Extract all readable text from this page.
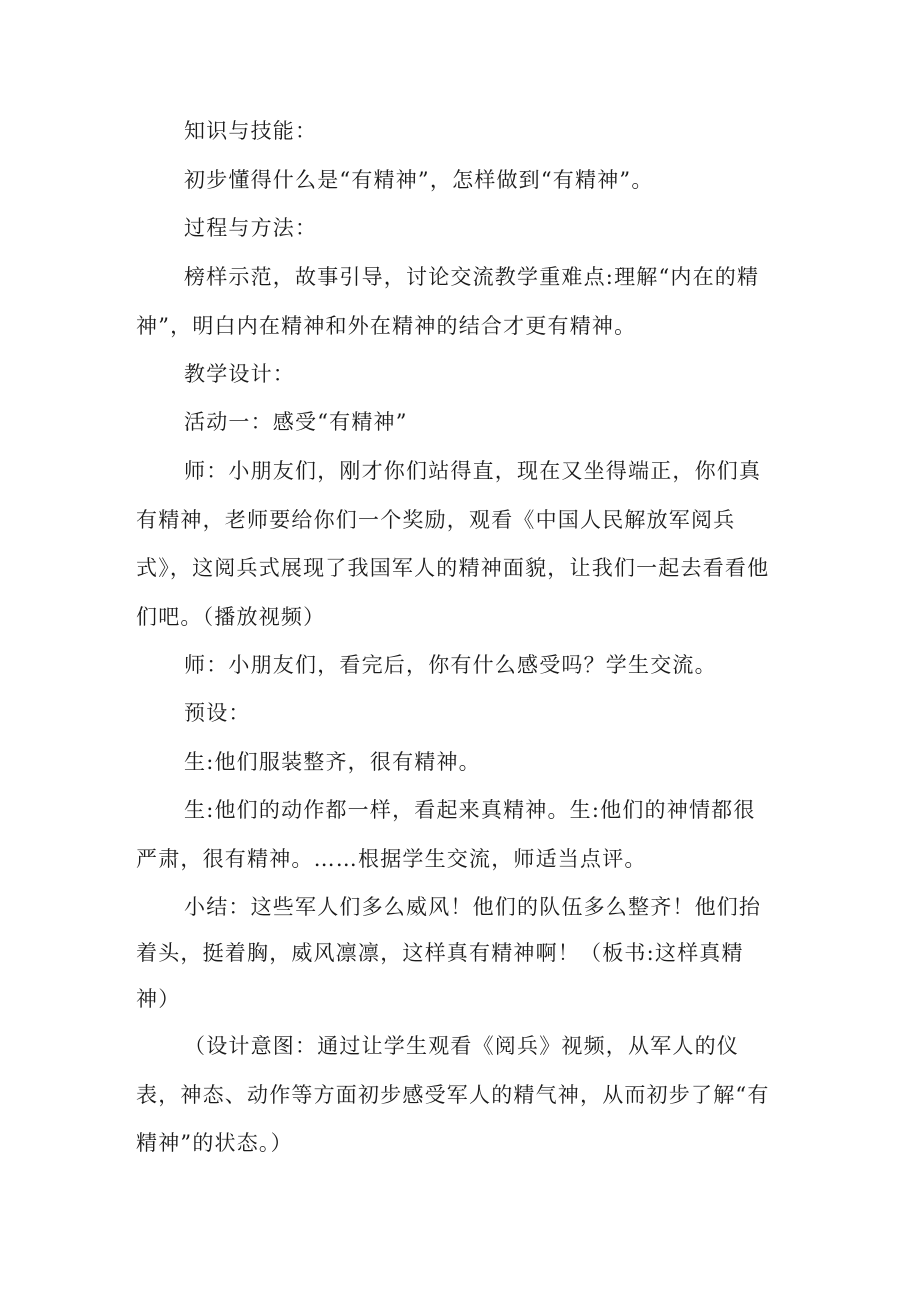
知识与技能：

初步懂得什么是“有精神”，怎样做到“有精神”。

过程与方法：

榜样示范，故事引导，讨论交流教学重难点:理解“内在的精神”，明白内在精神和外在精神的结合才更有精神。

教学设计：

活动一：感受“有精神”

师：小朋友们，刚才你们站得直，现在又坐得端正，你们真有精神，老师要给你们一个奖励，观看《中国人民解放军阅兵式》，这阅兵式展现了我国军人的精神面貌，让我们一起去看看他们吧。（播放视频）

师：小朋友们，看完后，你有什么感受吗？学生交流。

预设：

生:他们服装整齐，很有精神。

生:他们的动作都一样，看起来真精神。生:他们的神情都很严肃，很有精神。……根据学生交流，师适当点评。

小结：这些军人们多么威风！他们的队伍多么整齐！他们抬着头，挺着胸，威风凛凛，这样真有精神啊！（板书:这样真精神）

（设计意图：通过让学生观看《阅兵》视频，从军人的仪表，神态、动作等方面初步感受军人的精气神，从而初步了解“有精神”的状态。）
